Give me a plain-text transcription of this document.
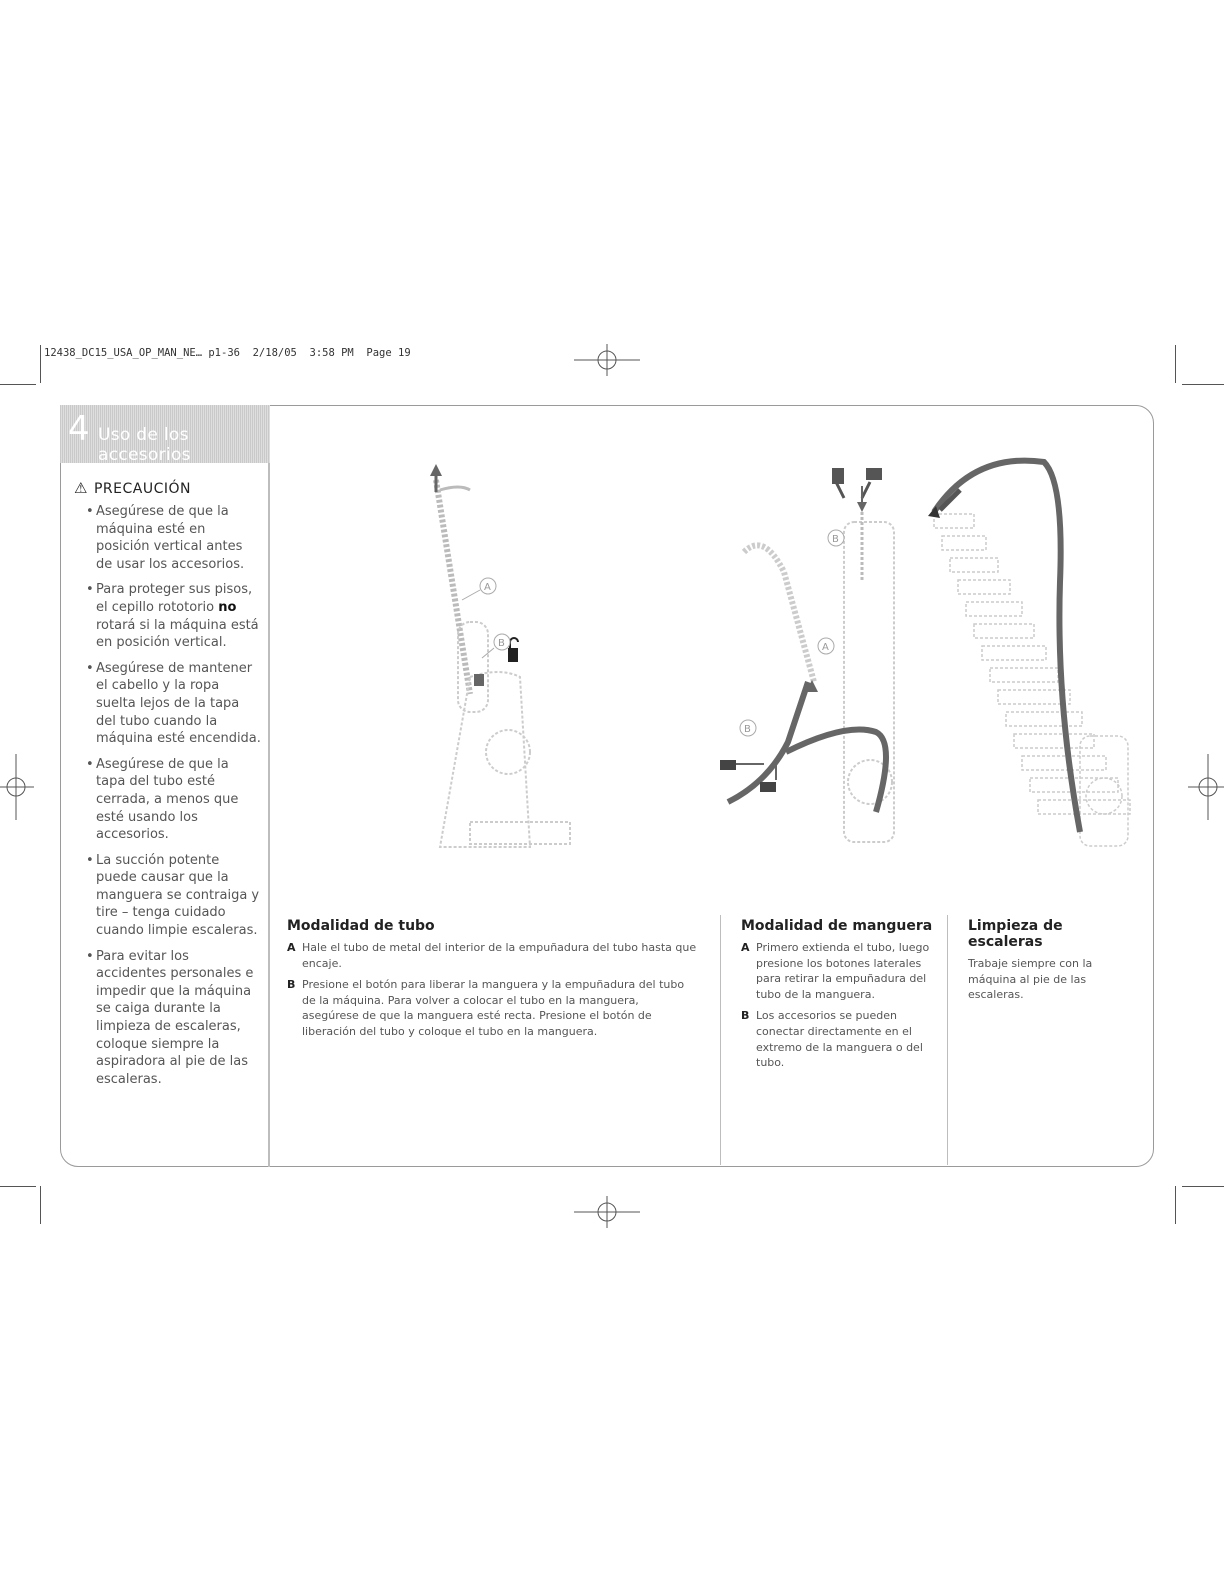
12438_DC15_USA_OP_MAN_NE… p1-36  2/18/05  3:58 PM  Page 19
4 Uso de los accesorios
⚠ PRECAUCIÓN
• Asegúrese de que la máquina esté en posición vertical antes de usar los accesorios.
• Para proteger sus pisos, el cepillo rototorio no rotará si la máquina está en posición vertical.
• Asegúrese de mantener el cabello y la ropa suelta lejos de la tapa del tubo cuando la máquina esté encendida.
• Asegúrese de que la tapa del tubo esté cerrada, a menos que esté usando los accesorios.
• La succión potente puede causar que la manguera se contraiga y tire – tenga cuidado cuando limpie escaleras.
• Para evitar los accidentes personales e impedir que la máquina se caiga durante la limpieza de escaleras, coloque siempre la aspiradora al pie de las escaleras.
A
B
B
A
B
Modalidad de tubo
A Hale el tubo de metal del interior de la empuñadura del tubo hasta que encaje.
B Presione el botón para liberar la manguera y la empuñadura del tubo de la máquina. Para volver a colocar el tubo en la manguera, asegúrese de que la manguera esté recta. Presione el botón de liberación del tubo y coloque el tubo en la manguera.
Modalidad de manguera
A Primero extienda el tubo, luego presione los botones laterales para retirar la empuñadura del tubo de la manguera.
B Los accesorios se pueden conectar directamente en el extremo de la manguera o del tubo.
Limpieza de escaleras
Trabaje siempre con la máquina al pie de las escaleras.
